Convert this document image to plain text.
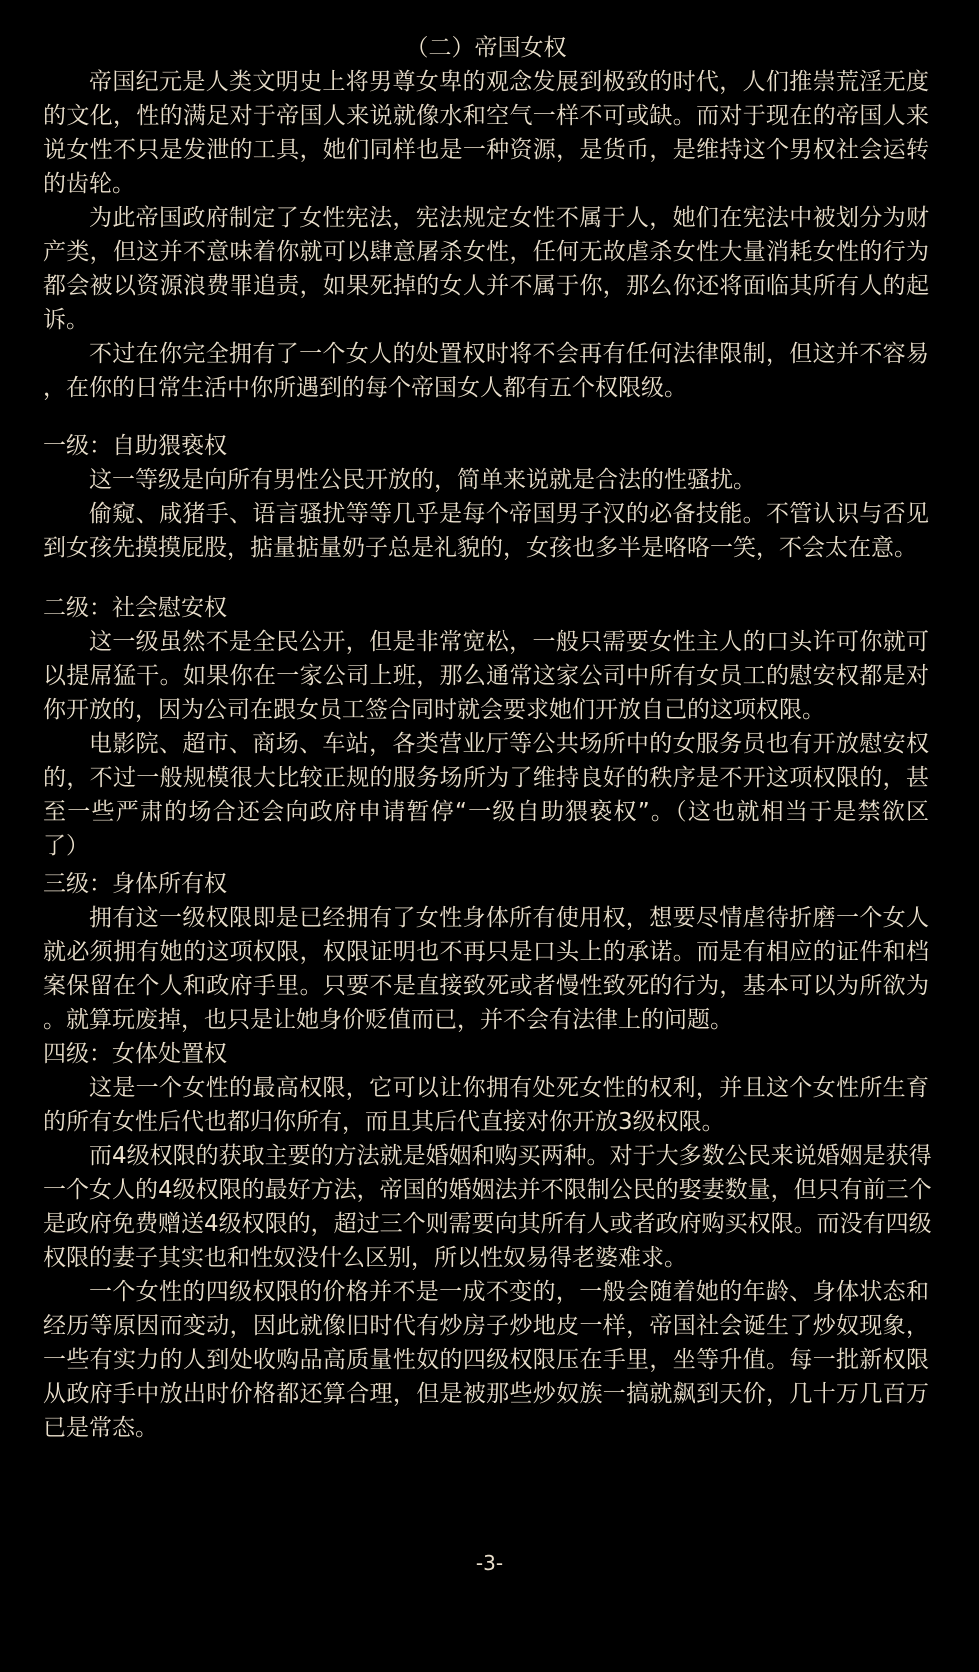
（二）帝国女权
帝国纪元是人类文明史上将男尊女卑的观念发展到极致的时代，人们推崇荒淫无度
的文化，性的满足对于帝国人来说就像水和空气一样不可或缺。而对于现在的帝国人来
说女性不只是发泄的工具，她们同样也是一种资源，是货币，是维持这个男权社会运转
的齿轮。
为此帝国政府制定了女性宪法，宪法规定女性不属于人，她们在宪法中被划分为财
产类，但这并不意味着你就可以肆意屠杀女性，任何无故虐杀女性大量消耗女性的行为
都会被以资源浪费罪追责，如果死掉的女人并不属于你，那么你还将面临其所有人的起
诉。
不过在你完全拥有了一个女人的处置权时将不会再有任何法律限制，但这并不容易
，在你的日常生活中你所遇到的每个帝国女人都有五个权限级。
一级：自助猥亵权
这一等级是向所有男性公民开放的，简单来说就是合法的性骚扰。
偷窥、咸猪手、语言骚扰等等几乎是每个帝国男子汉的必备技能。不管认识与否见
到女孩先摸摸屁股，掂量掂量奶子总是礼貌的，女孩也多半是咯咯一笑，不会太在意。
二级：社会慰安权
这一级虽然不是全民公开，但是非常宽松，一般只需要女性主人的口头许可你就可
以提屌猛干。如果你在一家公司上班，那么通常这家公司中所有女员工的慰安权都是对
你开放的，因为公司在跟女员工签合同时就会要求她们开放自己的这项权限。
电影院、超市、商场、车站，各类营业厅等公共场所中的女服务员也有开放慰安权
的，不过一般规模很大比较正规的服务场所为了维持良好的秩序是不开这项权限的，甚
至一些严肃的场合还会向政府申请暂停“一级自助猥亵权”。（这也就相当于是禁欲区
了）
三级：身体所有权
拥有这一级权限即是已经拥有了女性身体所有使用权，想要尽情虐待折磨一个女人
就必须拥有她的这项权限，权限证明也不再只是口头上的承诺。而是有相应的证件和档
案保留在个人和政府手里。只要不是直接致死或者慢性致死的行为，基本可以为所欲为
。就算玩废掉，也只是让她身价贬值而已，并不会有法律上的问题。
四级：女体处置权
这是一个女性的最高权限，它可以让你拥有处死女性的权利，并且这个女性所生育
的所有女性后代也都归你所有，而且其后代直接对你开放3级权限。
而4级权限的获取主要的方法就是婚姻和购买两种。对于大多数公民来说婚姻是获得
一个女人的4级权限的最好方法，帝国的婚姻法并不限制公民的娶妻数量，但只有前三个
是政府免费赠送4级权限的，超过三个则需要向其所有人或者政府购买权限。而没有四级
权限的妻子其实也和性奴没什么区别，所以性奴易得老婆难求。
一个女性的四级权限的价格并不是一成不变的，一般会随着她的年龄、身体状态和
经历等原因而变动，因此就像旧时代有炒房子炒地皮一样，帝国社会诞生了炒奴现象，
一些有实力的人到处收购品高质量性奴的四级权限压在手里，坐等升值。每一批新权限
从政府手中放出时价格都还算合理，但是被那些炒奴族一搞就飙到天价，几十万几百万
已是常态。
-3-
